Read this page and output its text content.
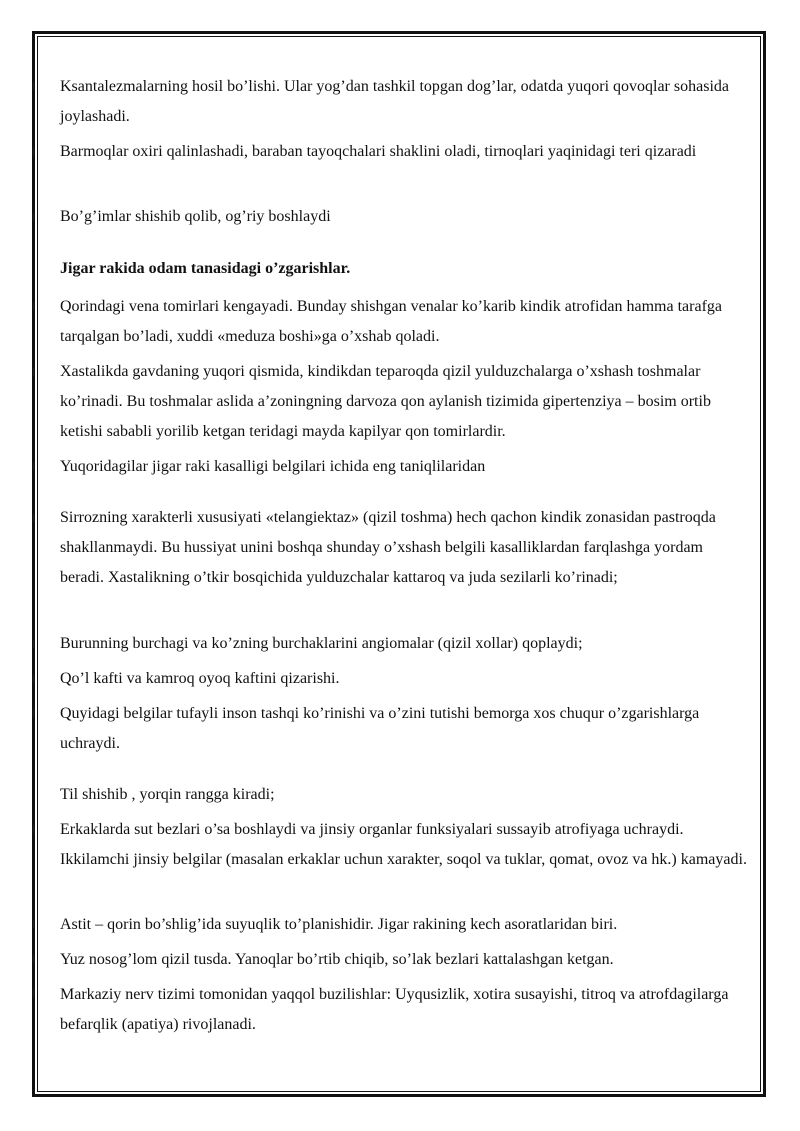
Ksantalezmalarning hosil bo’lishi. Ular yog’dan tashkil topgan dog’lar, odatda yuqori qovoqlar sohasida joylashadi.

Barmoqlar oxiri qalinlashadi, baraban tayoqchalari shaklini oladi, tirnoqlari yaqinidagi teri qizaradi

Bo’g’imlar shishib qolib, og’riy boshlaydi

Jigar rakida odam tanasidagi o’zgarishlar.

Qorindagi vena tomirlari kengayadi. Bunday shishgan venalar ko’karib kindik atrofidan hamma tarafga tarqalgan bo’ladi, xuddi «meduza boshi»ga o’xshab qoladi.

Xastalikda gavdaning yuqori qismida, kindikdan teparoqda qizil yulduzchalarga o’xshash toshmalar ko’rinadi. Bu toshmalar aslida a’zoningning darvoza qon aylanish tizimida gipertenziya – bosim ortib ketishi sababli yorilib ketgan teridagi mayda kapilyar qon tomirlardir.

Yuqoridagilar jigar raki kasalligi belgilari ichida eng taniqlilaridan

Sirrozning xarakterli xususiyati «telangiektaz» (qizil toshma) hech qachon kindik zonasidan pastroqda shakllanmaydi. Bu hussiyat unini boshqa shunday o’xshash belgili kasalliklardan farqlashga yordam beradi. Xastalikning o’tkir bosqichida yulduzchalar kattaroq va juda sezilarli ko’rinadi;

Burunning burchagi va ko’zning burchaklarini angiomalar (qizil xollar) qoplaydi;

Qo’l kafti va kamroq oyoq kaftini qizarishi.

Quyidagi belgilar tufayli inson tashqi ko’rinishi va o’zini tutishi bemorga xos chuqur o’zgarishlarga uchraydi.

Til shishib , yorqin rangga kiradi;

Erkaklarda sut bezlari o’sa boshlaydi va jinsiy organlar funksiyalari sussayib atrofiyaga uchraydi. Ikkilamchi jinsiy belgilar (masalan erkaklar uchun xarakter, soqol va tuklar, qomat, ovoz va hk.) kamayadi.

Astit – qorin bo’shlig’ida suyuqlik to’planishidir. Jigar rakining kech asoratlaridan biri.

Yuz nosog’lom qizil tusda. Yanoqlar bo’rtib chiqib, so’lak bezlari kattalashgan ketgan.

Markaziy nerv tizimi tomonidan yaqqol buzilishlar: Uyqusizlik, xotira susayishi, titroq va atrofdagilarga befarqlik (apatiya) rivojlanadi.
